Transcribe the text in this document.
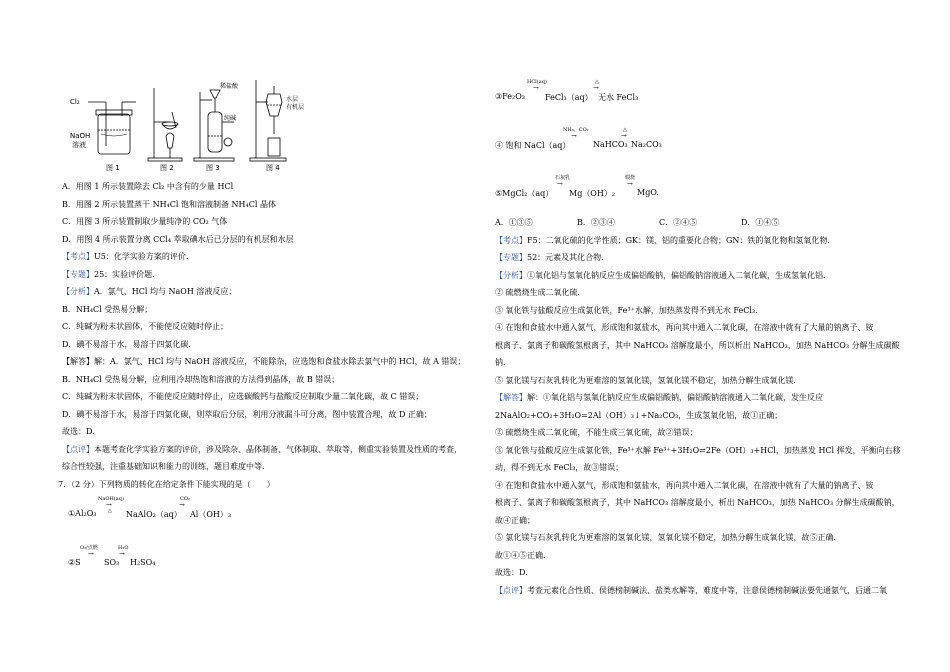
Cl₂
NaOH
溶液
稀盐酸
纯碱
水层
有机层
图 1	图 2	图 3	图 4
A．用图 1 所示装置除去 Cl₂ 中含有的少量 HCl
B．用图 2 所示装置蒸干 NH₄Cl 饱和溶液制备 NH₄Cl 晶体
C．用图 3 所示装置制取少量纯净的 CO₂ 气体
D．用图 4 所示装置分离 CCl₄ 萃取碘水后已分层的有机层和水层
【考点】U5：化学实验方案的评价.
【专题】25：实验评价题.
【分析】A．氯气、HCl 均与 NaOH 溶液反应；
B．NH₄Cl 受热易分解；
C．纯碱为粉末状固体，不能使反应随时停止；
D．碘不易溶于水，易溶于四氯化碳．
【解答】解：A．氯气、HCl 均与 NaOH 溶液反应，不能除杂，应选饱和食盐水除去氯气中的 HCl，故 A 错误；
B．NH₄Cl 受热易分解，应利用冷却热饱和溶液的方法得到晶体，故 B 错误；
C．纯碱为粉末状固体，不能使反应随时停止，应选碳酸钙与盐酸反应制取少量二氧化碳，故 C 错误；
D．碘不易溶于水，易溶于四氯化碳，则萃取后分层，利用分液漏斗可分离，图中装置合理，故 D 正确；
故选：D．
【点评】本题考查化学实验方案的评价，涉及除杂、晶体制备、气体制取、萃取等，侧重实验装置及性质的考查，
综合性较强，注重基础知识和能力的训练，题目难度中等．
7．（2 分）下列物质的转化在给定条件下能实现的是（　　）
①Al₂O₃
NaOH(aq)
→
△ NaAlO₂（aq）
CO₂
→
Al（OH）₃
②S
O₂/点燃
→
SO₃
H₂O
→
H₂SO₄
③Fe₂O₃
HCl(aq)
→
FeCl₃（aq）
△
→
无水 FeCl₃
④ 饱和 NaCl（aq）
NH₃，CO₂
→
NaHCO₃
△
→
Na₂CO₃
⑤MgCl₂（aq）
石灰乳
→
Mg（OH）₂
煅烧
→
MgO.
A．①③⑤	B．②③④	C．②④⑤	D．①④⑤
【考点】F5：二氧化硫的化学性质；GK：镁、铝的重要化合物；GN：铁的氧化物和氢氧化物．
【专题】52：元素及其化合物．
【分析】①氧化铝与氢氧化钠反应生成偏铝酸钠，偏铝酸钠溶液通入二氧化碳，生成氢氧化铝．
② 硫燃烧生成二氧化硫．
③ 氧化铁与盐酸反应生成氯化铁，Fe³⁺水解，加热蒸发得不到无水 FeCl₃．
④ 在饱和食盐水中通入氨气，形成饱和氨盐水，再向其中通入二氧化碳，在溶液中就有了大量的钠离子、铵
根离子、氯离子和碳酸氢根离子，其中 NaHCO₃ 溶解度最小，所以析出 NaHCO₃，加热 NaHCO₃ 分解生成碳酸
钠．
⑤ 氯化镁与石灰乳转化为更难溶的氢氧化镁，氢氧化镁不稳定，加热分解生成氧化镁．
【解答】解：①氧化铝与氢氧化钠反应生成偏铝酸钠，偏铝酸钠溶液通入二氧化碳，发生反应
2NaAlO₂+CO₂+3H₂O=2Al（OH）₃↓+Na₂CO₃，生成氢氧化铝，故①正确；
② 硫燃烧生成二氧化硫，不能生成三氧化硫，故②错误；
③ 氧化铁与盐酸反应生成氯化铁，Fe³⁺水解 Fe³⁺+3H₂O⇌2Fe（OH）₃+HCl，加热蒸发 HCl 挥发，平衡向右移
动，得不到无水 FeCl₃，故③错误；
④ 在饱和食盐水中通入氨气，形成饱和氨盐水，再向其中通入二氧化碳，在溶液中就有了大量的钠离子、铵
根离子、氯离子和碳酸氢根离子，其中 NaHCO₃ 溶解度最小，析出 NaHCO₃，加热 NaHCO₃ 分解生成碳酸钠，
故④正确；
⑤ 氯化镁与石灰乳转化为更难溶的氢氧化镁，氢氧化镁不稳定，加热分解生成氧化镁，故⑤正确．
故①④⑤正确．
故选：D．
【点评】考查元素化合性质、侯德榜制碱法、盐类水解等，难度中等，注意侯德榜制碱法要先通氨气，后通二氧
